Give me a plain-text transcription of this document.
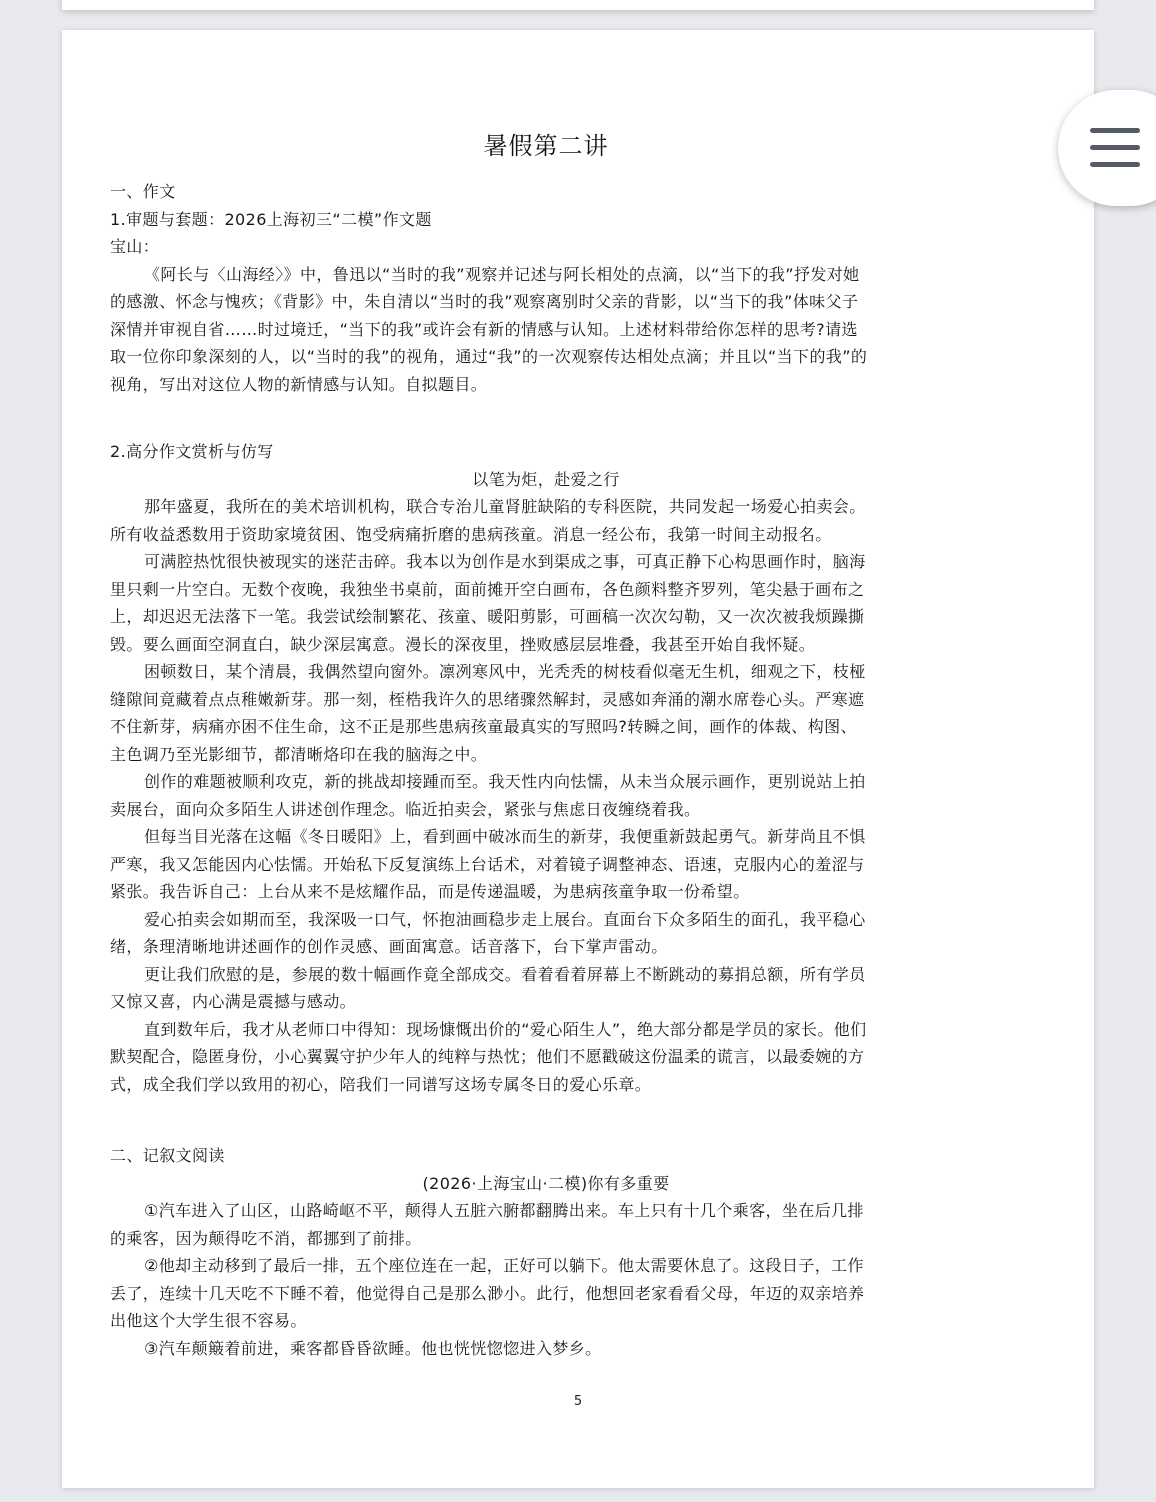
暑假第二讲
一、作文
1.审题与套题：2026上海初三“二模”作文题
宝山：
《阿长与〈山海经〉》中，鲁迅以“当时的我”观察并记述与阿长相处的点滴，以“当下的我”抒发对她
的感激、怀念与愧疚；《背影》中，朱自清以“当时的我”观察离别时父亲的背影，以“当下的我”体味父子
深情并审视自省……时过境迁，“当下的我”或许会有新的情感与认知。上述材料带给你怎样的思考?请选
取一位你印象深刻的人，以“当时的我”的视角，通过“我”的一次观察传达相处点滴；并且以“当下的我”的
视角，写出对这位人物的新情感与认知。自拟题目。
2.高分作文赏析与仿写
以笔为炬，赴爱之行
那年盛夏，我所在的美术培训机构，联合专治儿童肾脏缺陷的专科医院，共同发起一场爱心拍卖会。
所有收益悉数用于资助家境贫困、饱受病痛折磨的患病孩童。消息一经公布，我第一时间主动报名。
可满腔热忱很快被现实的迷茫击碎。我本以为创作是水到渠成之事，可真正静下心构思画作时，脑海
里只剩一片空白。无数个夜晚，我独坐书桌前，面前摊开空白画布，各色颜料整齐罗列，笔尖悬于画布之
上，却迟迟无法落下一笔。我尝试绘制繁花、孩童、暖阳剪影，可画稿一次次勾勒，又一次次被我烦躁撕
毁。要么画面空洞直白，缺少深层寓意。漫长的深夜里，挫败感层层堆叠，我甚至开始自我怀疑。
困顿数日，某个清晨，我偶然望向窗外。凛冽寒风中，光秃秃的树枝看似毫无生机，细观之下，枝桠
缝隙间竟藏着点点稚嫩新芽。那一刻，桎梏我许久的思绪骤然解封，灵感如奔涌的潮水席卷心头。严寒遮
不住新芽，病痛亦困不住生命，这不正是那些患病孩童最真实的写照吗?转瞬之间，画作的体裁、构图、
主色调乃至光影细节，都清晰烙印在我的脑海之中。
创作的难题被顺利攻克，新的挑战却接踵而至。我天性内向怯懦，从未当众展示画作，更别说站上拍
卖展台，面向众多陌生人讲述创作理念。临近拍卖会，紧张与焦虑日夜缠绕着我。
但每当目光落在这幅《冬日暖阳》上，看到画中破冰而生的新芽，我便重新鼓起勇气。新芽尚且不惧
严寒，我又怎能因内心怯懦。开始私下反复演练上台话术，对着镜子调整神态、语速，克服内心的羞涩与
紧张。我告诉自己：上台从来不是炫耀作品，而是传递温暖，为患病孩童争取一份希望。
爱心拍卖会如期而至，我深吸一口气，怀抱油画稳步走上展台。直面台下众多陌生的面孔，我平稳心
绪，条理清晰地讲述画作的创作灵感、画面寓意。话音落下，台下掌声雷动。
更让我们欣慰的是，参展的数十幅画作竟全部成交。看着看着屏幕上不断跳动的募捐总额，所有学员
又惊又喜，内心满是震撼与感动。
直到数年后，我才从老师口中得知：现场慷慨出价的“爱心陌生人”，绝大部分都是学员的家长。他们
默契配合，隐匿身份，小心翼翼守护少年人的纯粹与热忱；他们不愿戳破这份温柔的谎言，以最委婉的方
式，成全我们学以致用的初心，陪我们一同谱写这场专属冬日的爱心乐章。
二、记叙文阅读
(2026·上海宝山·二模)你有多重要
①汽车进入了山区，山路崎岖不平，颠得人五脏六腑都翻腾出来。车上只有十几个乘客，坐在后几排
的乘客，因为颠得吃不消，都挪到了前排。
②他却主动移到了最后一排，五个座位连在一起，正好可以躺下。他太需要休息了。这段日子，工作
丢了，连续十几天吃不下睡不着，他觉得自己是那么渺小。此行，他想回老家看看父母，年迈的双亲培养
出他这个大学生很不容易。
③汽车颠簸着前进，乘客都昏昏欲睡。他也恍恍惚惚进入梦乡。
5
